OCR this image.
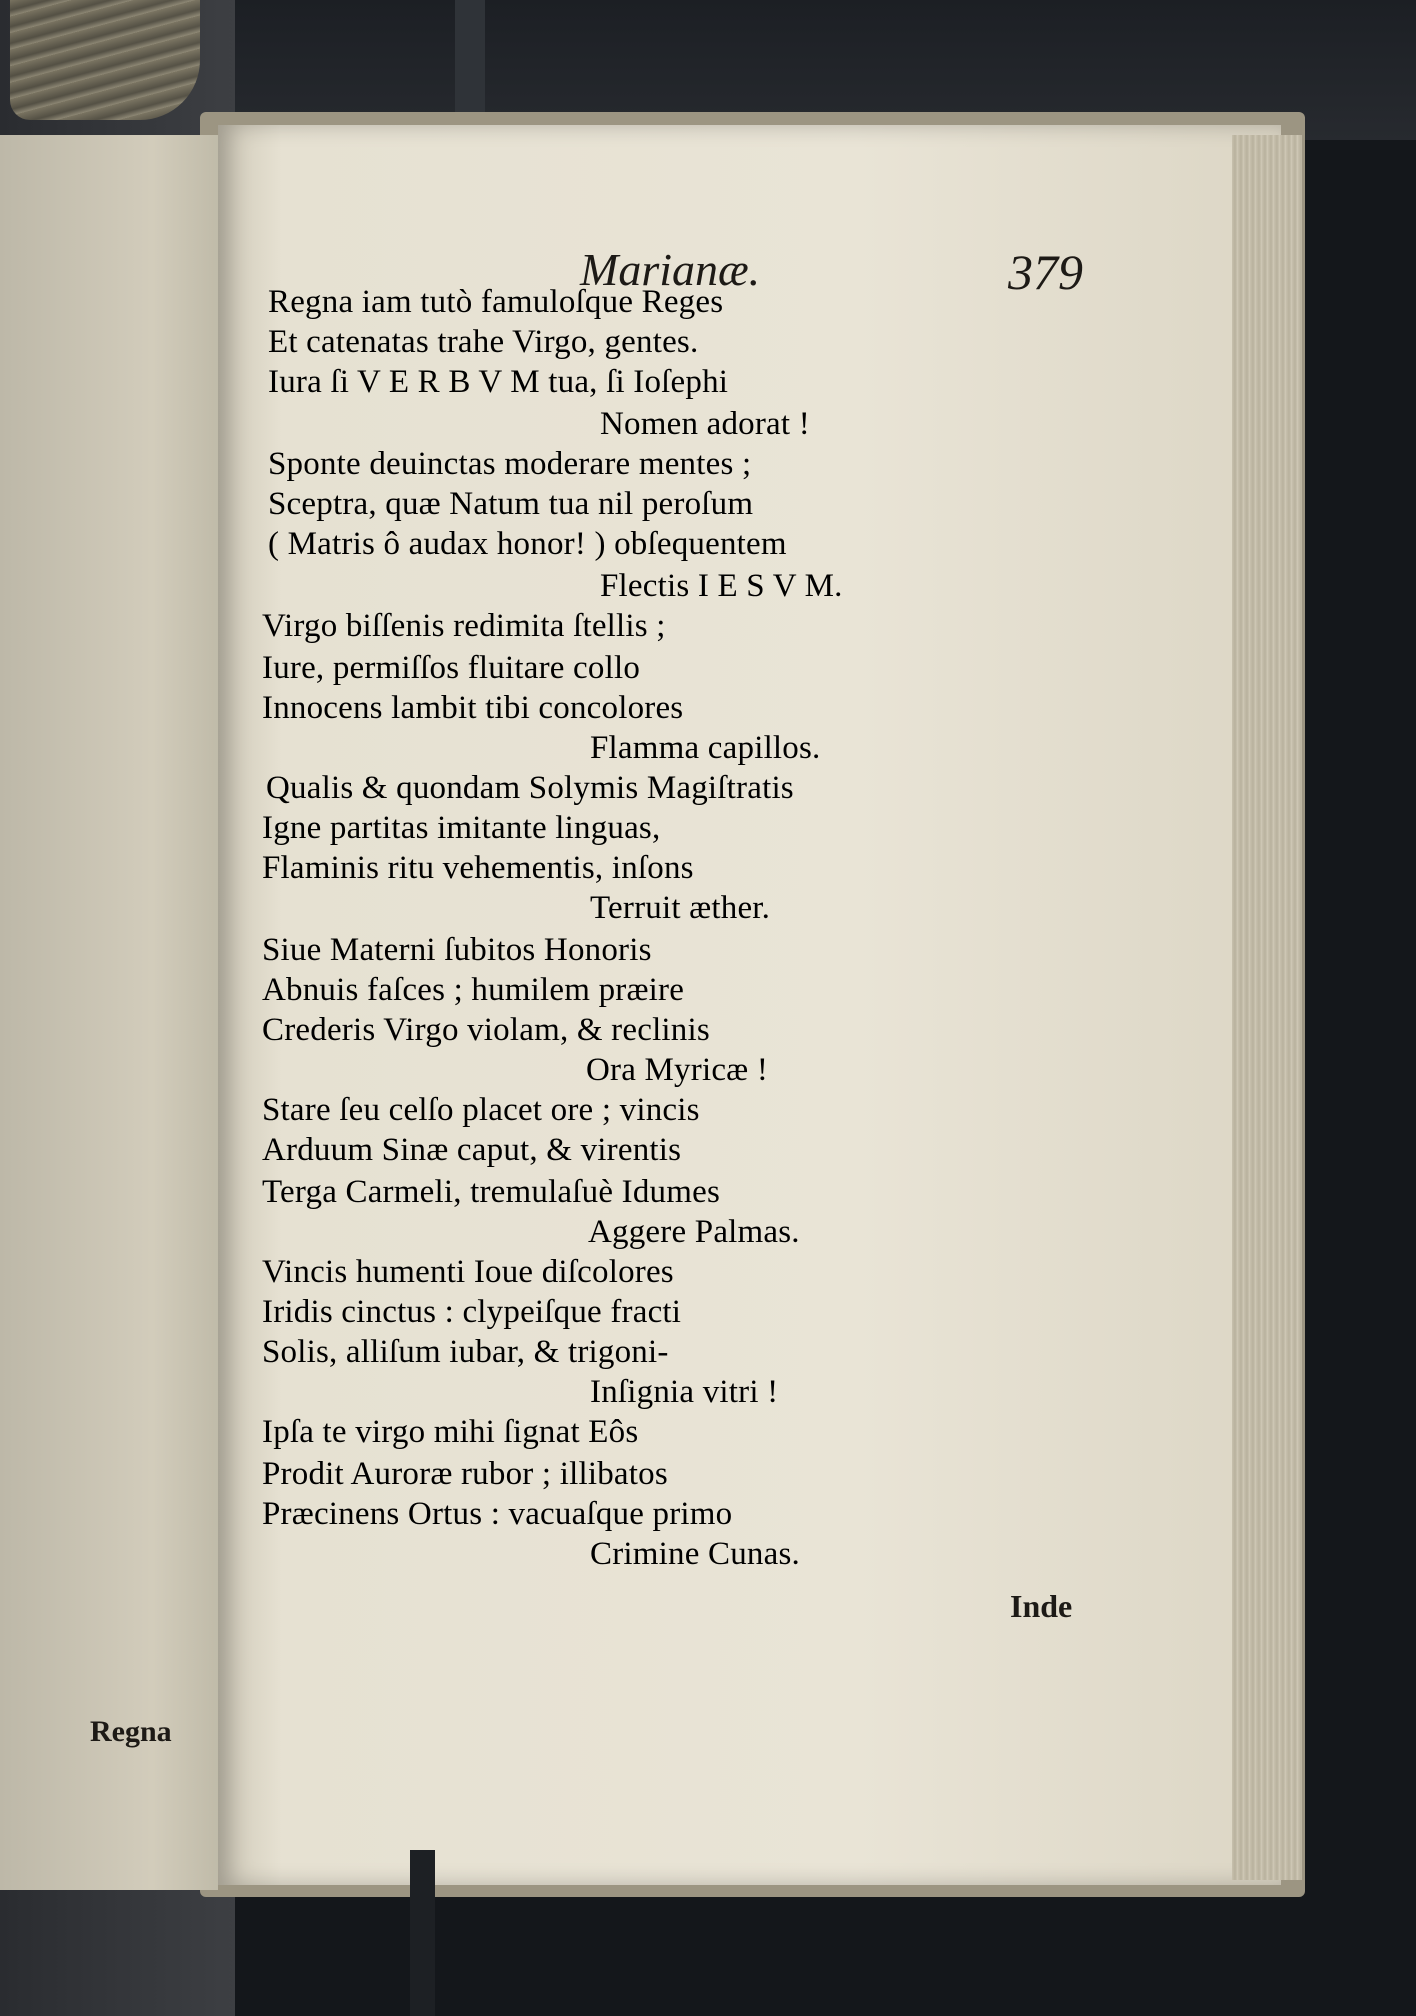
Regna
Marianæ.	379
Inde
Regna iam tutò famuloſque Reges
Et catenatas trahe Virgo, gentes.
Iura ſi V E R B V M tua, ſi Ioſephi
Nomen adorat !
Sponte deuinctas moderare mentes ;
Sceptra, quæ Natum tua nil peroſum
( Matris ô audax honor! ) obſequentem
Flectis I E S V M.
Virgo biſſenis redimita ſtellis ;
Iure, permiſſos fluitare collo
Innocens lambit tibi concolores
Flamma capillos.
Qualis & quondam Solymis Magiſtratis
Igne partitas imitante linguas,
Flaminis ritu vehementis, inſons
Terruit æther.
Siue Materni ſubitos Honoris
Abnuis faſces ; humilem præire
Crederis Virgo violam, & reclinis
Ora Myricæ !
Stare ſeu celſo placet ore ; vincis
Arduum Sinæ caput, & virentis
Terga Carmeli, tremulaſuè Idumes
Aggere Palmas.
Vincis humenti Ioue diſcolores
Iridis cinctus : clypeiſque fracti
Solis, alliſum iubar, & trigoni-
Inſignia vitri !
Ipſa te virgo mihi ſignat Eôs
Prodit Auroræ rubor ; illibatos
Præcinens Ortus : vacuaſque primo
Crimine Cunas.
